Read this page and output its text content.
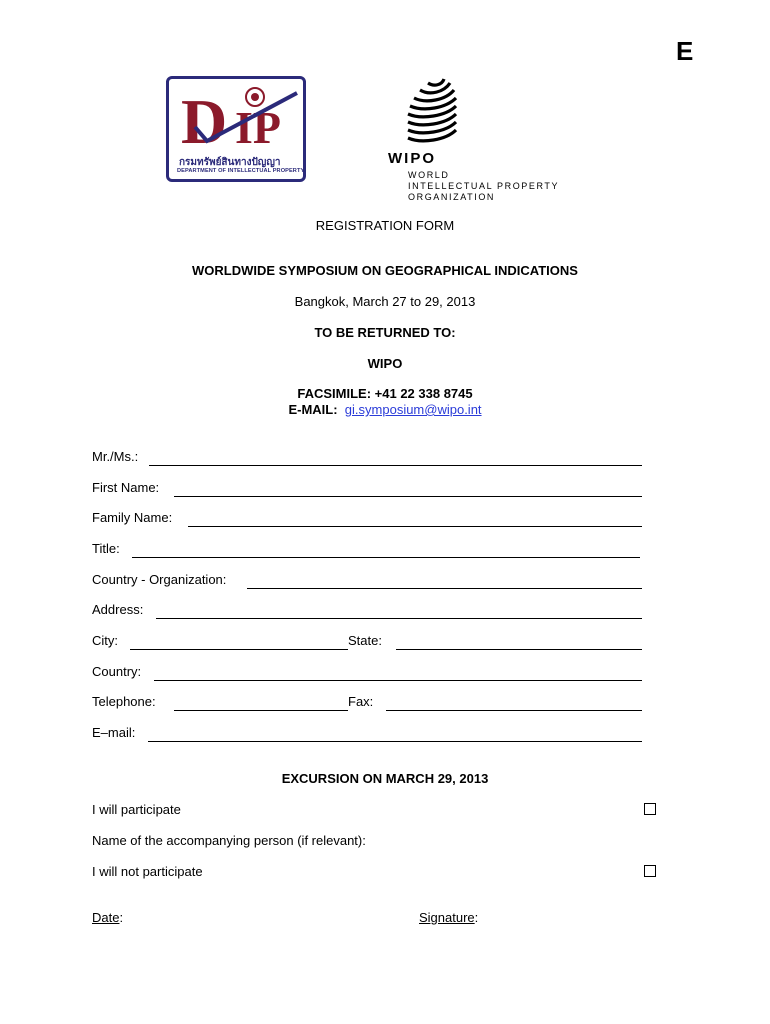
E
D IP
กรมทรัพย์สินทางปัญญา
DEPARTMENT OF INTELLECTUAL PROPERTY
WIPO
WORLD
INTELLECTUAL PROPERTY
ORGANIZATION
REGISTRATION FORM
WORLDWIDE SYMPOSIUM ON GEOGRAPHICAL INDICATIONS
Bangkok, March 27 to 29, 2013
TO BE RETURNED TO:
WIPO
FACSIMILE: +41 22 338 8745
E-MAIL: gi.symposium@wipo.int
Mr./Ms.:
First Name:
Family Name:
Title:
Country - Organization:
Address:
City:	State:
Country:
Telephone:	Fax:
E–mail:
EXCURSION ON MARCH 29, 2013
I will participate
Name of the accompanying person (if relevant):
I will not participate
Date:	Signature:
